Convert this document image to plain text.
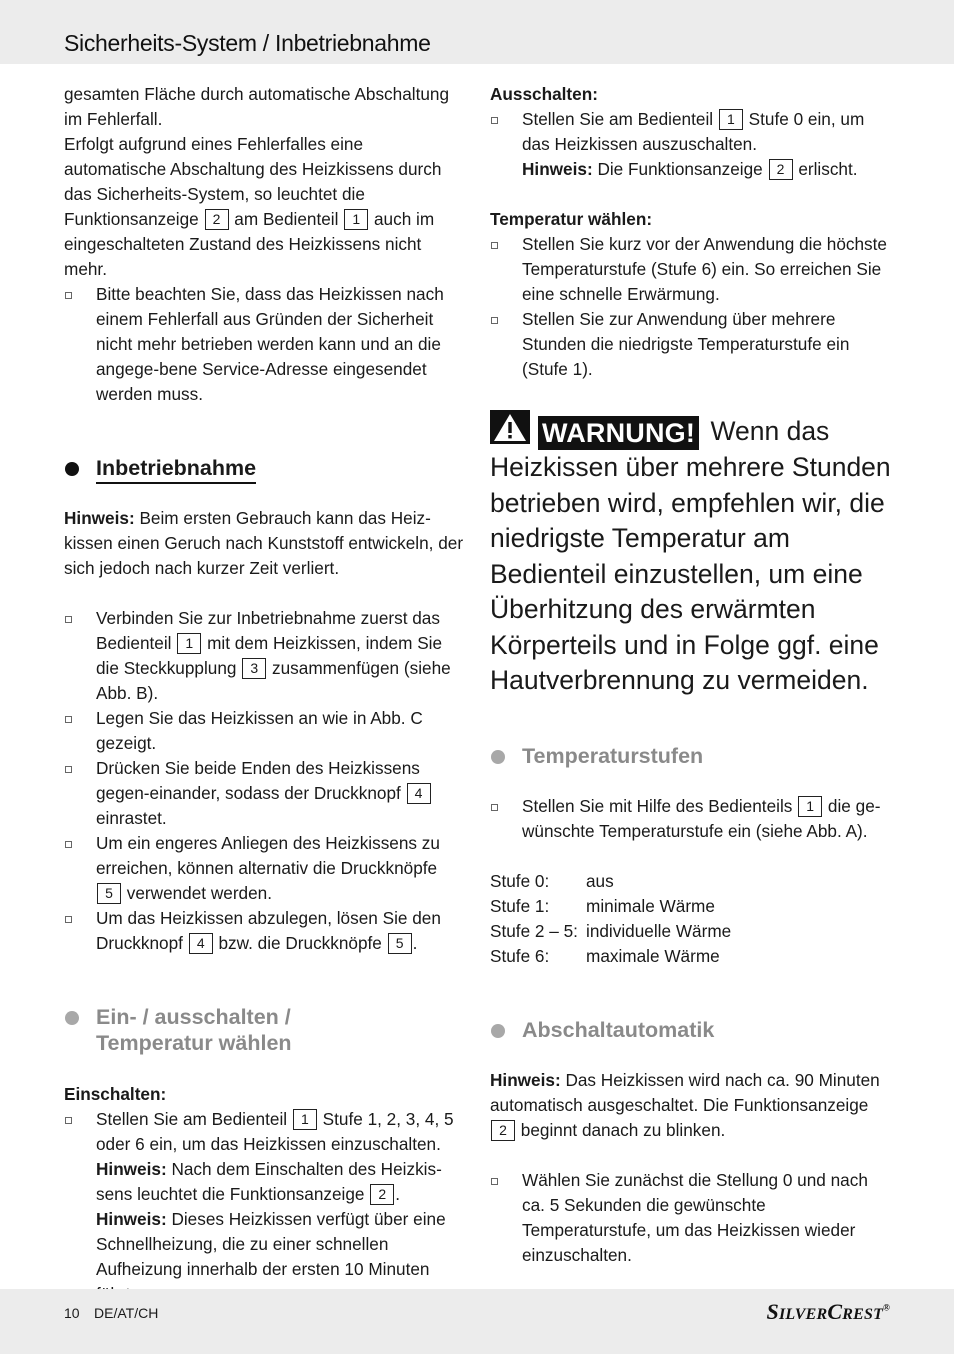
Sicherheits-System / Inbetriebnahme

gesamten Fläche durch automatische Abschaltung im Fehlerfall.

Erfolgt aufgrund eines Fehlerfalles eine automatische Abschaltung des Heizkissens durch das Sicherheits-System, so leuchtet die Funktionsanzeige 2 am Bedienteil 1 auch im eingeschalteten Zustand des Heizkissens nicht mehr.

Bitte beachten Sie, dass das Heizkissen nach einem Fehlerfall aus Gründen der Sicherheit nicht mehr betrieben werden kann und an die angege-bene Service-Adresse eingesendet werden muss.
Inbetriebnahme

Hinweis: Beim ersten Gebrauch kann das Heiz-kissen einen Geruch nach Kunststoff entwickeln, der sich jedoch nach kurzer Zeit verliert.

Verbinden Sie zur Inbetriebnahme zuerst das Bedienteil 1 mit dem Heizkissen, indem Sie die Steckkupplung 3 zusammenfügen (siehe Abb. B).
Legen Sie das Heizkissen an wie in Abb. C gezeigt.
Drücken Sie beide Enden des Heizkissens gegen-einander, sodass der Druckknopf 4 einrastet.
Um ein engeres Anliegen des Heizkissens zu erreichen, können alternativ die Druckknöpfe 5 verwendet werden.
Um das Heizkissen abzulegen, lösen Sie den Druckknopf 4 bzw. die Druckknöpfe 5 .
Ein- / ausschalten /
Temperatur wählen

Einschalten:

Stellen Sie am Bedienteil 1 Stufe 1, 2, 3, 4, 5 oder 6 ein, um das Heizkissen einzuschalten.
Hinweis: Nach dem Einschalten des Heizkis-sens leuchtet die Funktionsanzeige 2 .
Hinweis: Dieses Heizkissen verfügt über eine Schnellheizung, die zu einer schnellen Aufheizung innerhalb der ersten 10 Minuten

Ausschalten:

Stellen Sie am Bedienteil 1 Stufe 0 ein, um das Heizkissen auszuschalten.
Hinweis: Die Funktionsanzeige 2 erlischt.

Temperatur wählen:

Stellen Sie kurz vor der Anwendung die höchste Temperaturstufe (Stufe 6) ein. So erreichen Sie eine schnelle Erwärmung.
Stellen Sie zur Anwendung über mehrere Stunden die niedrigste Temperaturstufe ein (Stufe 1).
WARNUNG! Wenn das Heizkissen über mehrere Stunden betrieben wird, empfehlen wir, die niedrigste Temperatur am Bedienteil einzustellen, um eine Überhitzung des erwärmten Körperteils und in Folge ggf. eine Hautverbrennung zu vermeiden.
Temperaturstufen
Stellen Sie mit Hilfe des Bedienteils 1 die ge-wünschte Temperaturstufe ein (siehe Abb. A).
Stufe 0:	aus
Stufe 1:	minimale Wärme
Stufe 2 – 5: individuelle Wärme
Stufe 6:	maximale Wärme
Abschaltautomatik

Hinweis: Das Heizkissen wird nach ca. 90 Minuten automatisch ausgeschaltet. Die Funktionsanzeige 2 beginnt danach zu blinken.

Wählen Sie zunächst die Stellung 0 und nach ca. 5 Sekunden die gewünschte Temperaturstufe, um das Heizkissen wieder einzuschalten.
10 DE/AT/CH	SILVERCREST®
